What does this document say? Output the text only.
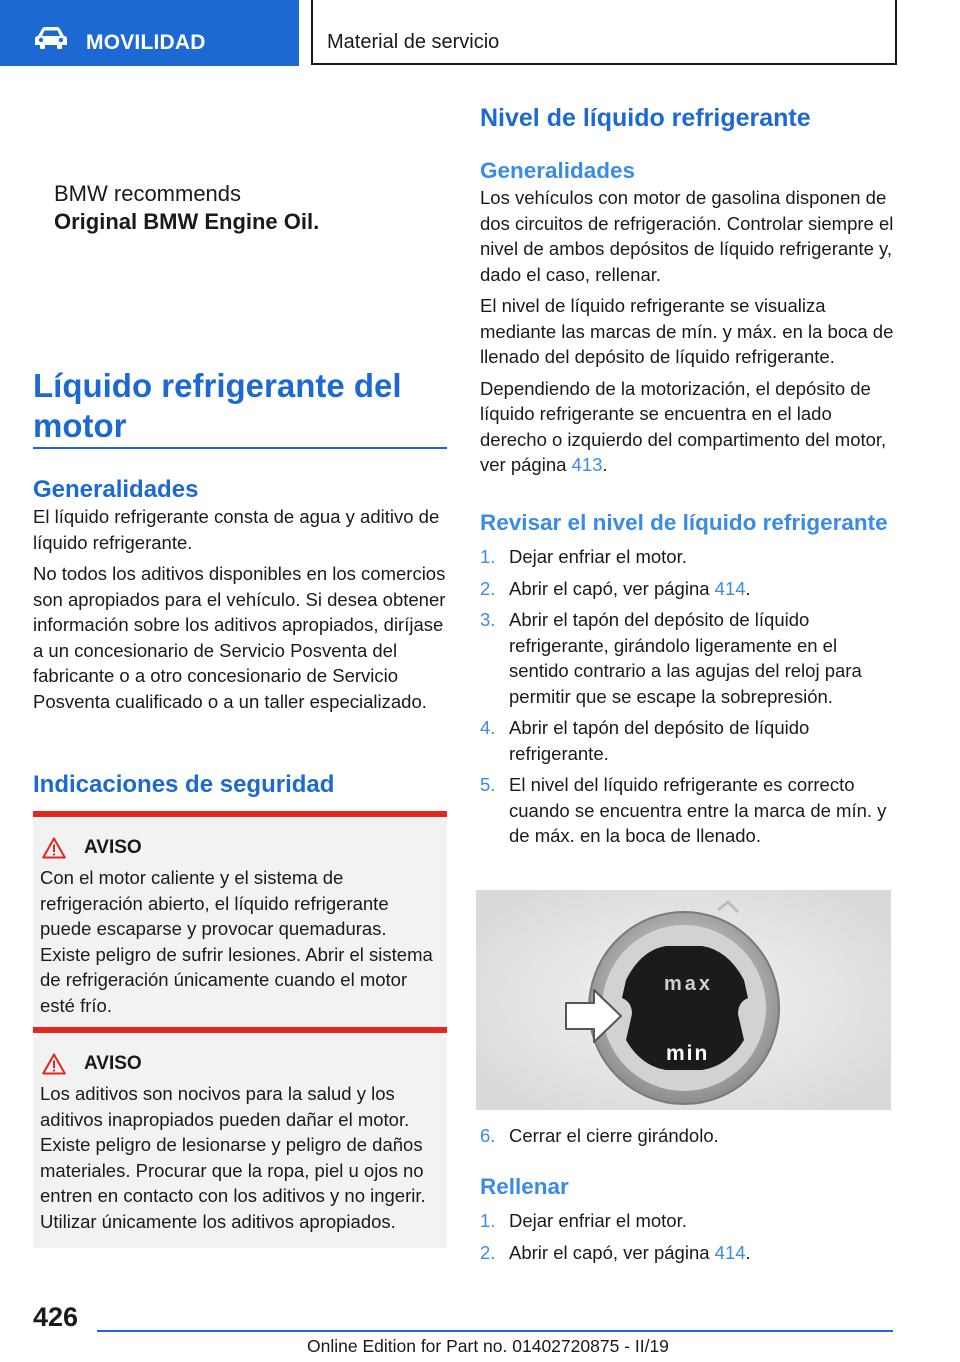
MOVILIDAD	Material de servicio
BMW recommends
Original BMW Engine Oil.
Líquido refrigerante del motor
Generalidades

El líquido refrigerante consta de agua y aditivo de líquido refrigerante.

No todos los aditivos disponibles en los comercios son apropiados para el vehículo. Si desea obtener información sobre los aditivos apropiados, diríjase a un concesionario de Servicio Posventa del fabricante o a otro concesionario de Servicio Posventa cualificado o a un taller especializado.

Indicaciones de seguridad
AVISO

Con el motor caliente y el sistema de refrigeración abierto, el líquido refrigerante puede escaparse y provocar quemaduras. Existe peligro de sufrir lesiones. Abrir el sistema de refrigeración únicamente cuando el motor esté frío.

AVISO

Los aditivos son nocivos para la salud y los aditivos inapropiados pueden dañar el motor. Existe peligro de lesionarse y peligro de daños materiales. Procurar que la ropa, piel u ojos no entren en contacto con los aditivos y no ingerir. Utilizar únicamente los aditivos apropiados.

Nivel de líquido refrigerante
Generalidades

Los vehículos con motor de gasolina disponen de dos circuitos de refrigeración. Controlar siempre el nivel de ambos depósitos de líquido refrigerante y, dado el caso, rellenar.

El nivel de líquido refrigerante se visualiza mediante las marcas de mín. y máx. en la boca de llenado del depósito de líquido refrigerante.

Dependiendo de la motorización, el depósito de líquido refrigerante se encuentra en el lado derecho o izquierdo del compartimento del motor, ver página 413.

Revisar el nivel de líquido refrigerante
1. Dejar enfriar el motor.
2. Abrir el capó, ver página 414.
3. Abrir el tapón del depósito de líquido refrigerante, girándolo ligeramente en el sentido contrario a las agujas del reloj para permitir que se escape la sobrepresión.
4. Abrir el tapón del depósito de líquido refrigerante.
5. El nivel del líquido refrigerante es correcto cuando se encuentra entre la marca de mín. y de máx. en la boca de llenado.
max
min
6. Cerrar el cierre girándolo.
Rellenar
1. Dejar enfriar el motor.
2. Abrir el capó, ver página 414.
426
Online Edition for Part no. 01402720875 - II/19
